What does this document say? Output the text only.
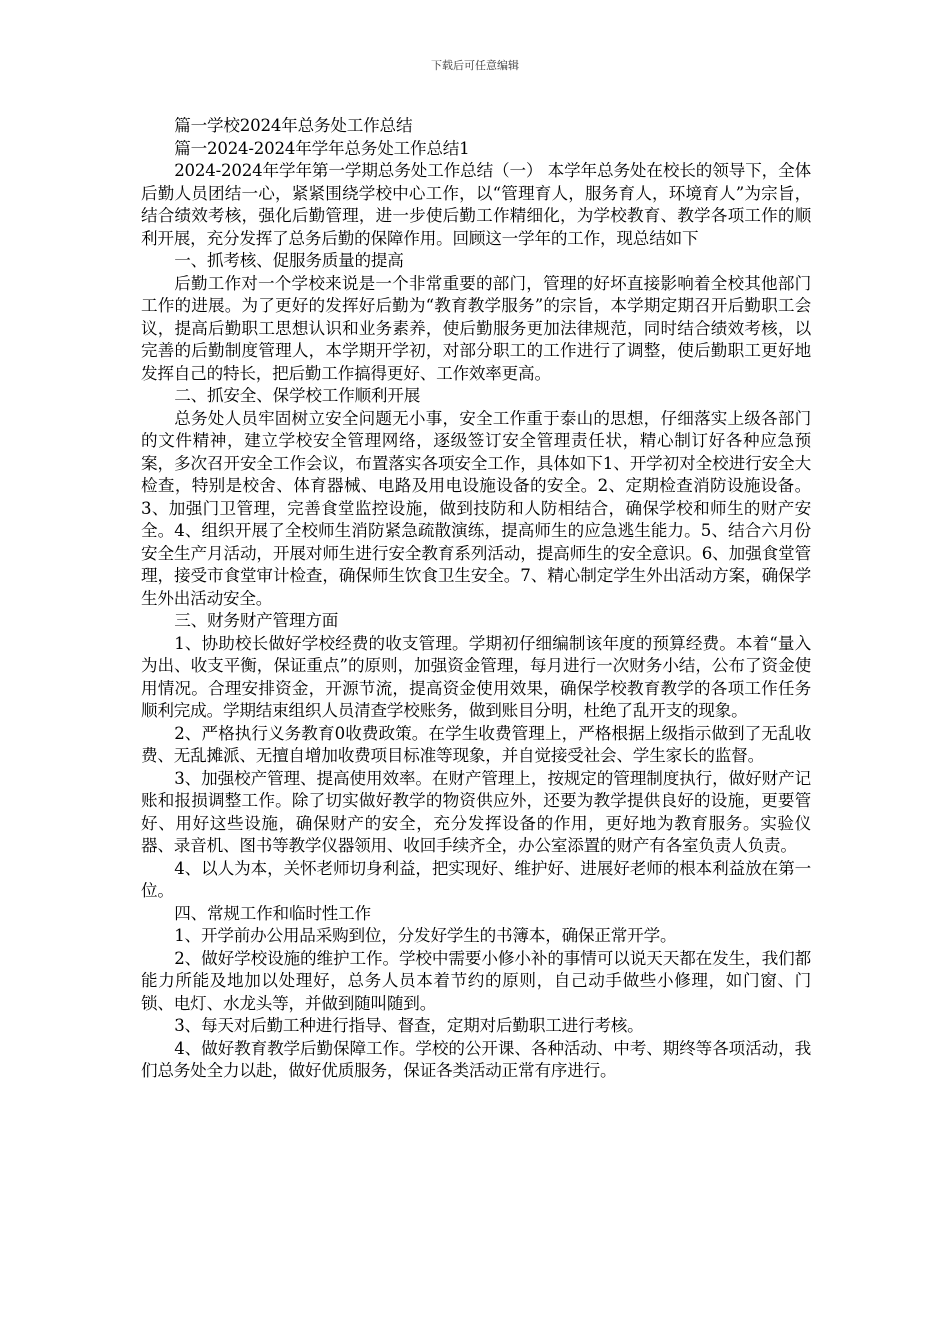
下载后可任意编辑

篇一学校2024年总务处工作总结

篇一2024-2024年学年总务处工作总结1

2024-2024年学年第一学期总务处工作总结（一） 本学年总务处在校长的领导下，全体后勤人员团结一心，紧紧围绕学校中心工作，以“管理育人，服务育人，环境育人”为宗旨，结合绩效考核，强化后勤管理，进一步使后勤工作精细化，为学校教育、教学各项工作的顺利开展，充分发挥了总务后勤的保障作用。回顾这一学年的工作，现总结如下

一、抓考核、促服务质量的提高

后勤工作对一个学校来说是一个非常重要的部门，管理的好坏直接影响着全校其他部门工作的进展。为了更好的发挥好后勤为“教育教学服务”的宗旨，本学期定期召开后勤职工会议，提高后勤职工思想认识和业务素养，使后勤服务更加法律规范，同时结合绩效考核，以完善的后勤制度管理人，本学期开学初，对部分职工的工作进行了调整，使后勤职工更好地发挥自己的特长，把后勤工作搞得更好、工作效率更高。

二、抓安全、保学校工作顺利开展

总务处人员牢固树立安全问题无小事，安全工作重于泰山的思想，仔细落实上级各部门的文件精神，建立学校安全管理网络，逐级签订安全管理责任状，精心制订好各种应急预案，多次召开安全工作会议，布置落实各项安全工作，具体如下1、开学初对全校进行安全大检查，特别是校舍、体育器械、电路及用电设施设备的安全。2、定期检查消防设施设备。3、加强门卫管理，完善食堂监控设施，做到技防和人防相结合，确保学校和师生的财产安全。4、组织开展了全校师生消防紧急疏散演练，提高师生的应急逃生能力。5、结合六月份安全生产月活动，开展对师生进行安全教育系列活动，提高师生的安全意识。6、加强食堂管理，接受市食堂审计检查，确保师生饮食卫生安全。7、精心制定学生外出活动方案，确保学生外出活动安全。

三、财务财产管理方面

1、协助校长做好学校经费的收支管理。学期初仔细编制该年度的预算经费。本着“量入为出、收支平衡，保证重点”的原则，加强资金管理，每月进行一次财务小结，公布了资金使用情况。合理安排资金，开源节流，提高资金使用效果，确保学校教育教学的各项工作任务顺利完成。学期结束组织人员清查学校账务，做到账目分明，杜绝了乱开支的现象。

2、严格执行义务教育0收费政策。在学生收费管理上，严格根据上级指示做到了无乱收费、无乱摊派、无擅自增加收费项目标准等现象，并自觉接受社会、学生家长的监督。

3、加强校产管理、提高使用效率。在财产管理上，按规定的管理制度执行，做好财产记账和报损调整工作。除了切实做好教学的物资供应外，还要为教学提供良好的设施，更要管好、用好这些设施，确保财产的安全，充分发挥设备的作用，更好地为教育服务。实验仪器、录音机、图书等教学仪器领用、收回手续齐全，办公室添置的财产有各室负责人负责。

4、以人为本，关怀老师切身利益，把实现好、维护好、进展好老师的根本利益放在第一位。

四、常规工作和临时性工作

1、开学前办公用品采购到位，分发好学生的书簿本，确保正常开学。

2、做好学校设施的维护工作。学校中需要小修小补的事情可以说天天都在发生，我们都能力所能及地加以处理好，总务人员本着节约的原则，自己动手做些小修理，如门窗、门锁、电灯、水龙头等，并做到随叫随到。

3、每天对后勤工种进行指导、督查，定期对后勤职工进行考核。

4、做好教育教学后勤保障工作。学校的公开课、各种活动、中考、期终等各项活动，我们总务处全力以赴，做好优质服务，保证各类活动正常有序进行。
